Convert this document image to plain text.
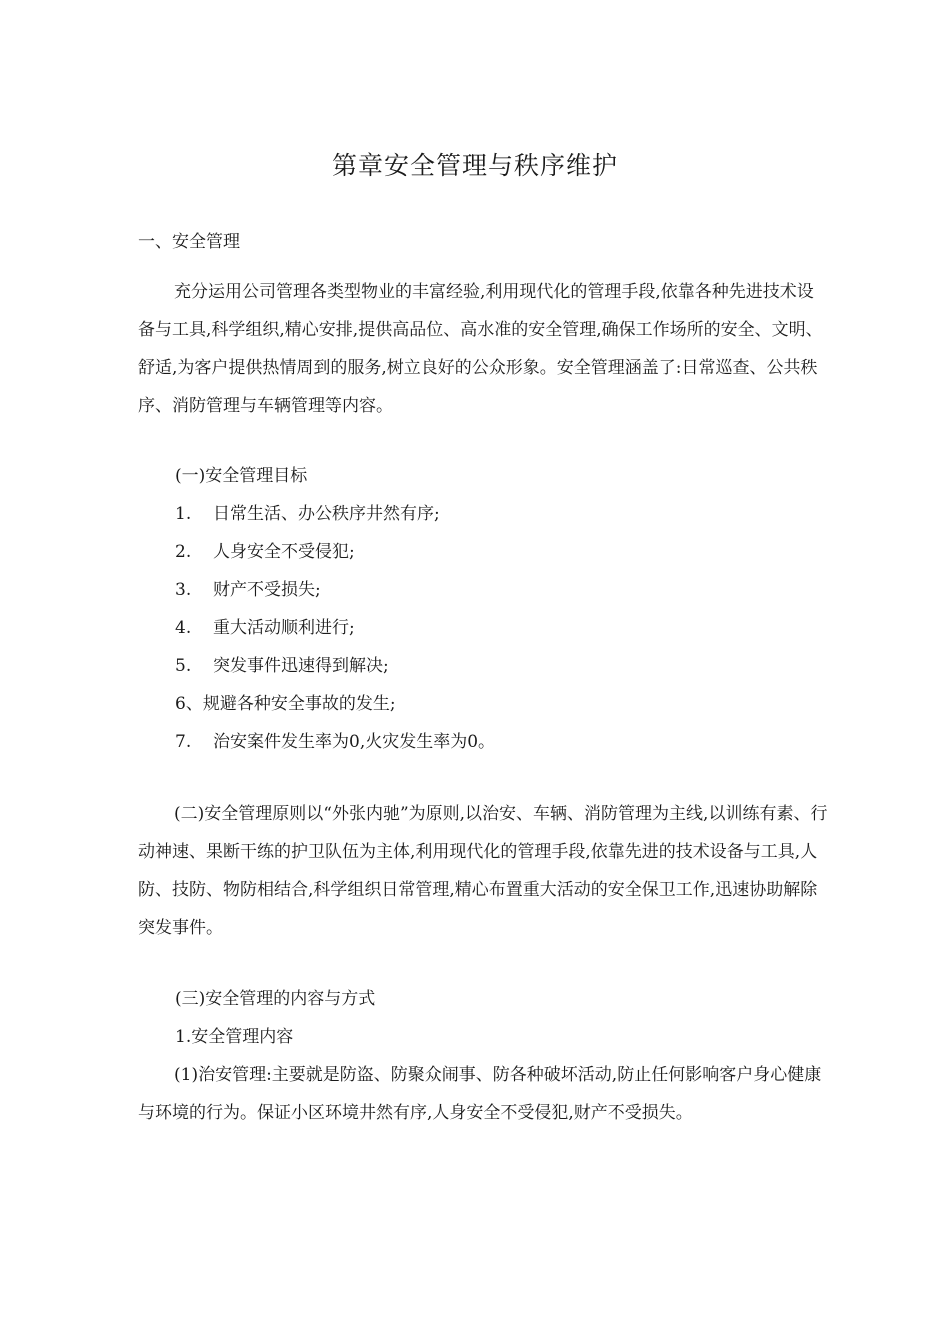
第章安全管理与秩序维护
一、安全管理
充分运用公司管理各类型物业的丰富经验,利用现代化的管理手段,依靠各种先进技术设备与工具,科学组织,精心安排,提供高品位、高水准的安全管理,确保工作场所的安全、文明、舒适,为客户提供热情周到的服务,树立良好的公众形象。安全管理涵盖了:日常巡查、公共秩序、消防管理与车辆管理等内容。
(一)安全管理目标
1. 日常生活、办公秩序井然有序;
2. 人身安全不受侵犯;
3. 财产不受损失;
4. 重大活动顺利进行;
5. 突发事件迅速得到解决;
6、规避各种安全事故的发生;
7. 治安案件发生率为0,火灾发生率为0。
(二)安全管理原则以“外张内驰”为原则,以治安、车辆、消防管理为主线,以训练有素、行动神速、果断干练的护卫队伍为主体,利用现代化的管理手段,依靠先进的技术设备与工具,人防、技防、物防相结合,科学组织日常管理,精心布置重大活动的安全保卫工作,迅速协助解除突发事件。
(三)安全管理的内容与方式
1.安全管理内容
(1)治安管理:主要就是防盗、防聚众闹事、防各种破坏活动,防止任何影响客户身心健康与环境的行为。保证小区环境井然有序,人身安全不受侵犯,财产不受损失。
